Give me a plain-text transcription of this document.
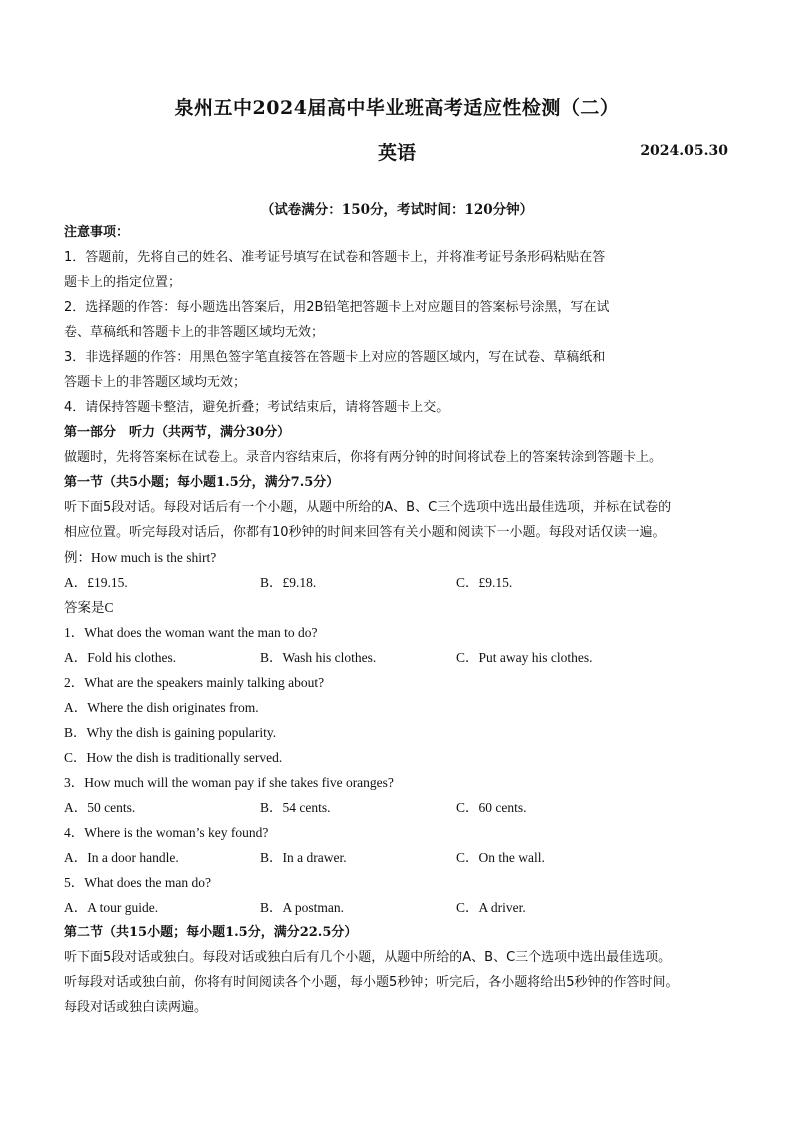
泉州五中2024届高中毕业班高考适应性检测（二）
英语	2024.05.30
（试卷满分：150分，考试时间：120分钟）
注意事项：
1．答题前，先将自己的姓名、准考证号填写在试卷和答题卡上，并将准考证号条形码粘贴在答
题卡上的指定位置；
2．选择题的作答：每小题选出答案后，用2B铅笔把答题卡上对应题目的答案标号涂黑，写在试
卷、草稿纸和答题卡上的非答题区域均无效；
3．非选择题的作答：用黑色签字笔直接答在答题卡上对应的答题区域内，写在试卷、草稿纸和
答题卡上的非答题区域均无效；
4．请保持答题卡整洁，避免折叠；考试结束后，请将答题卡上交。
第一部分　听力（共两节，满分30分）
做题时，先将答案标在试卷上。录音内容结束后，你将有两分钟的时间将试卷上的答案转涂到答题卡上。
第一节（共5小题；每小题1.5分，满分7.5分）
听下面5段对话。每段对话后有一个小题，从题中所给的A、B、C三个选项中选出最佳选项，并标在试卷的
相应位置。听完每段对话后，你都有10秒钟的时间来回答有关小题和阅读下一小题。每段对话仅读一遍。
例：How much is the shirt?
A．£19.15.	B．£9.18.	C．£9.15.
答案是C
1．What does the woman want the man to do?
A．Fold his clothes.	B．Wash his clothes.	C．Put away his clothes.
2．What are the speakers mainly talking about?
A．Where the dish originates from.
B．Why the dish is gaining popularity.
C．How the dish is traditionally served.
3．How much will the woman pay if she takes five oranges?
A．50 cents.	B．54 cents.	C．60 cents.
4．Where is the woman’s key found?
A．In a door handle.	B．In a drawer.	C．On the wall.
5．What does the man do?
A．A tour guide.	B．A postman.	C．A driver.
第二节（共15小题；每小题1.5分，满分22.5分）
听下面5段对话或独白。每段对话或独白后有几个小题，从题中所给的A、B、C三个选项中选出最佳选项。
听每段对话或独白前，你将有时间阅读各个小题，每小题5秒钟；听完后，各小题将给出5秒钟的作答时间。
每段对话或独白读两遍。
